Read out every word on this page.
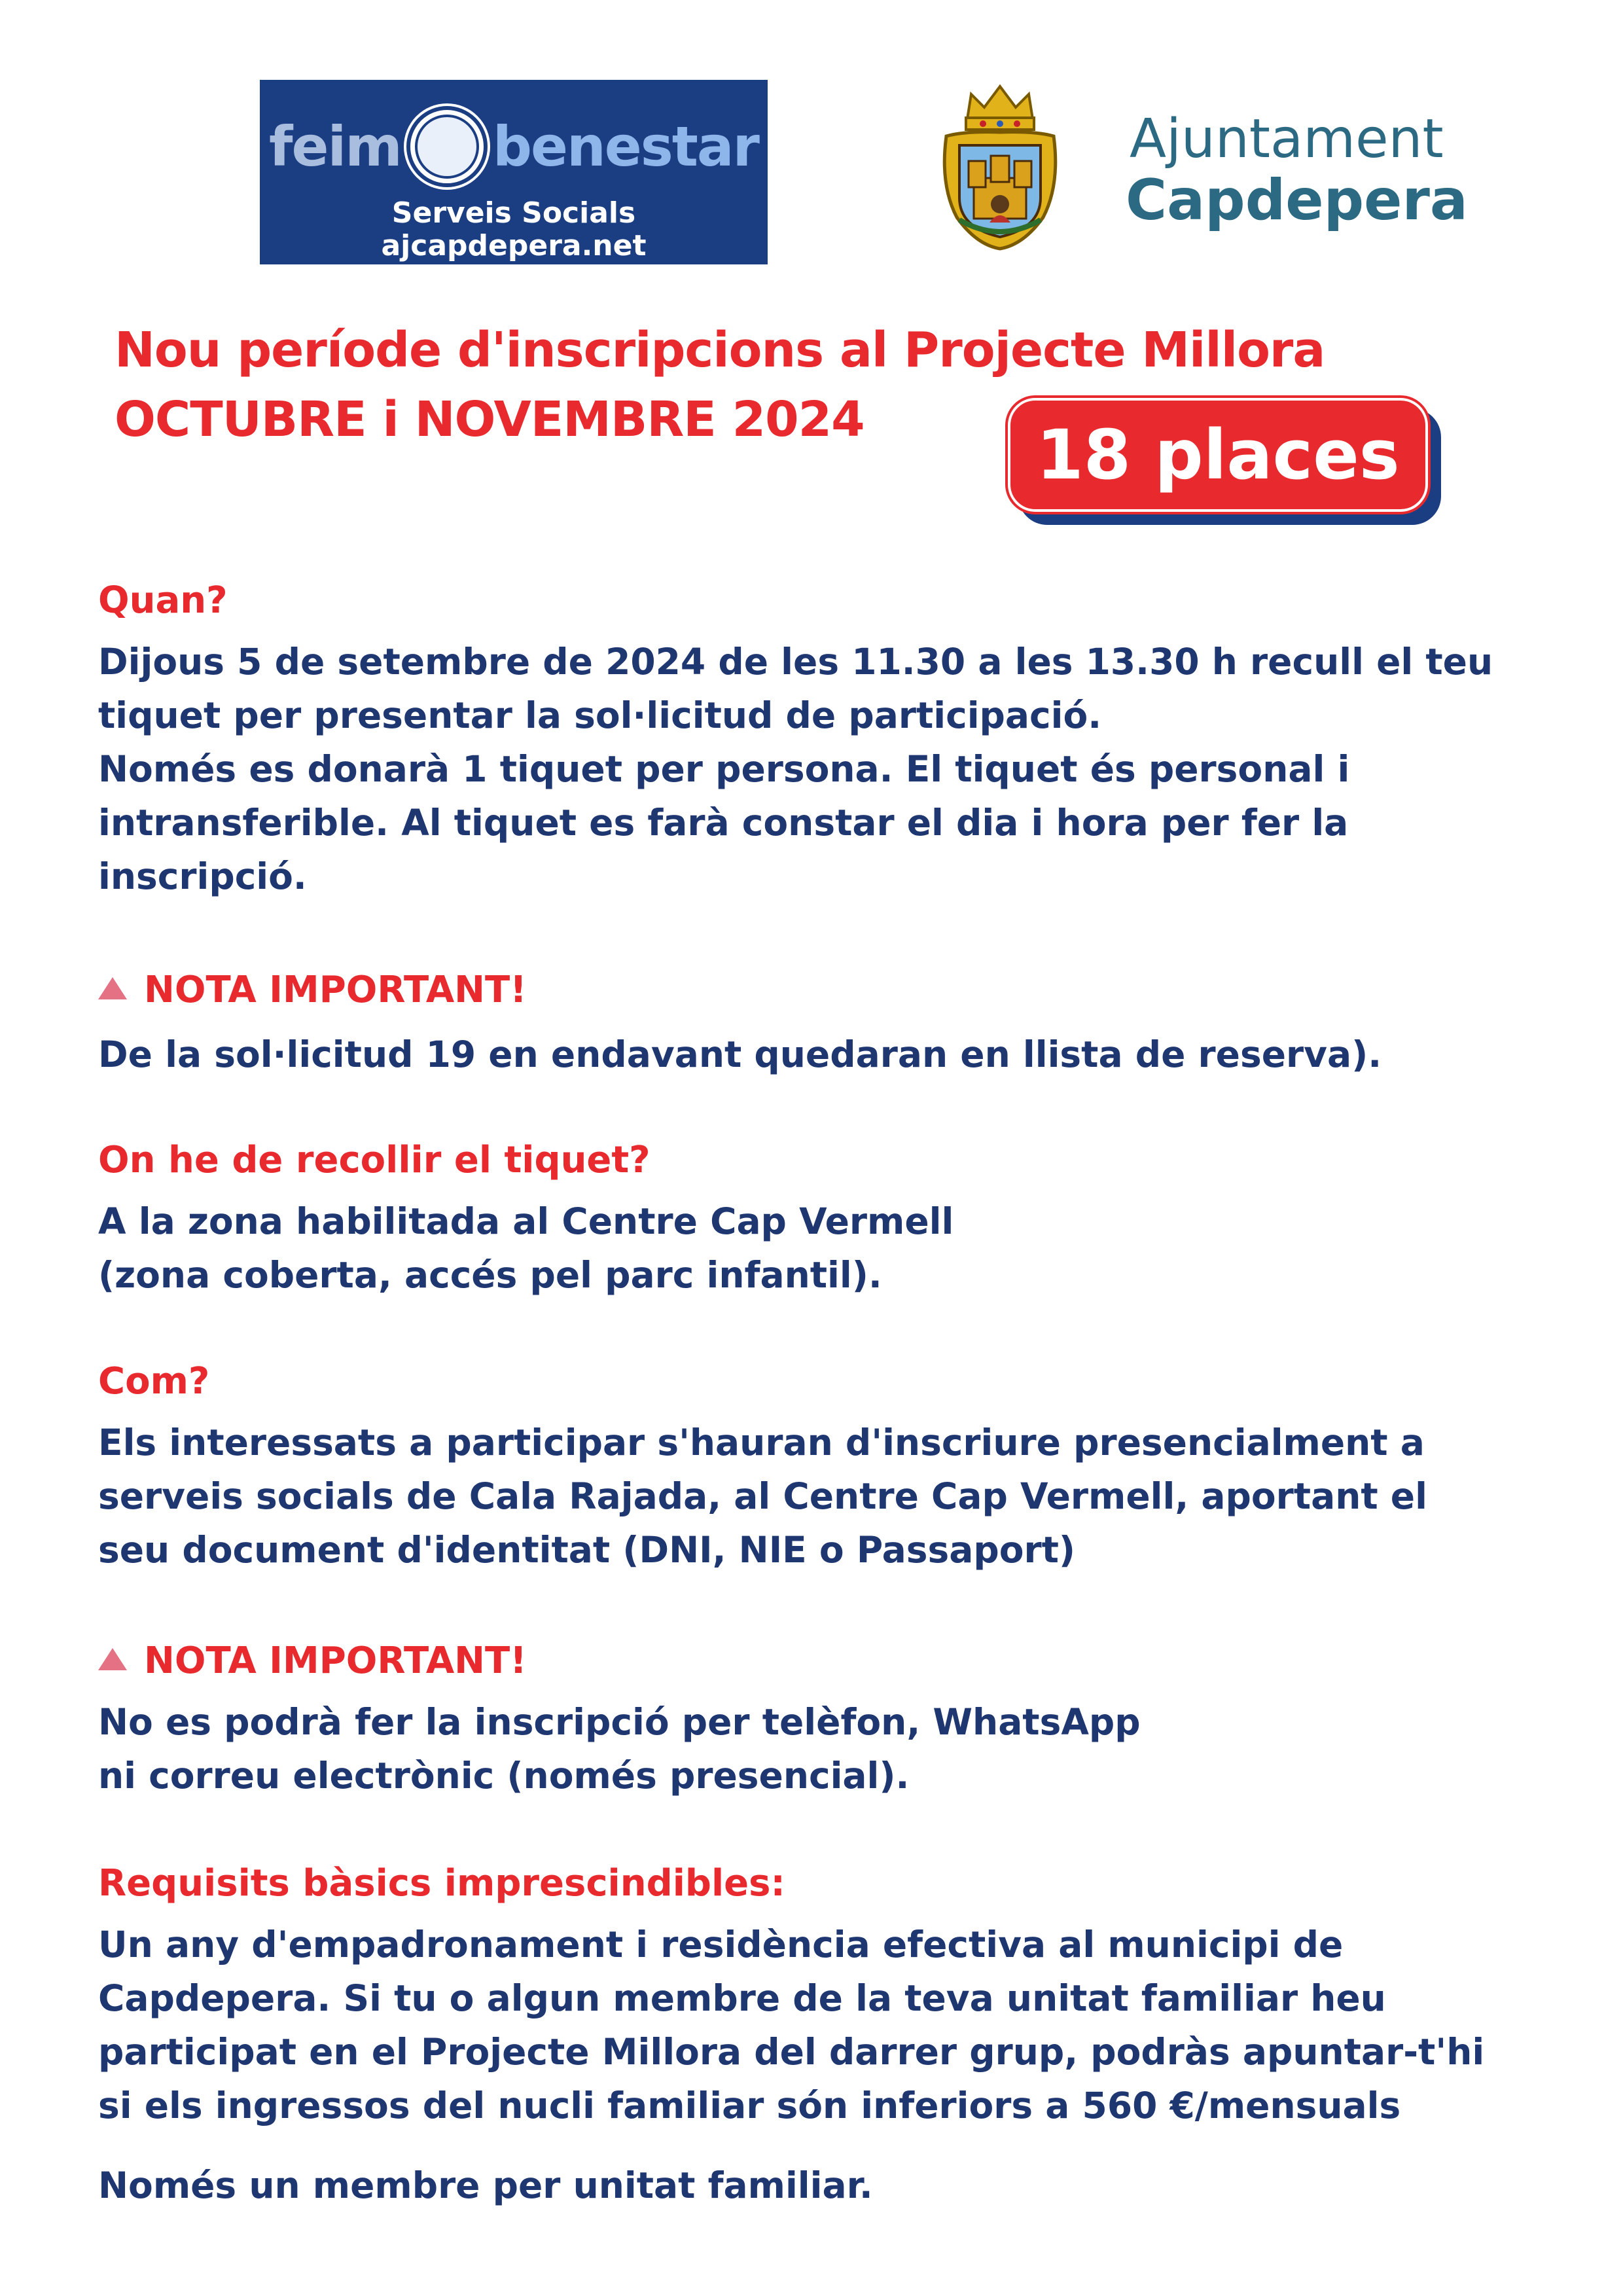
feim benestar
Serveis Socials
ajcapdepera.net
Ajuntament
Capdepera
Nou període d'inscripcions al Projecte Millora
OCTUBRE i NOVEMBRE 2024	18 places
Quan?
Dijous 5 de setembre de 2024 de les 11.30 a les 13.30 h recull el teu
tiquet per presentar la sol·licitud de participació.
Només es donarà 1 tiquet per persona. El tiquet és personal i
intransferible. Al tiquet es farà constar el dia i hora per fer la
inscripció.
NOTA IMPORTANT!
De la sol·licitud 19 en endavant quedaran en llista de reserva).
On he de recollir el tiquet?
A la zona habilitada al Centre Cap Vermell
(zona coberta, accés pel parc infantil).
Com?
Els interessats a participar s'hauran d'inscriure presencialment a
serveis socials de Cala Rajada, al Centre Cap Vermell, aportant el
seu document d'identitat (DNI, NIE o Passaport)
NOTA IMPORTANT!
No es podrà fer la inscripció per telèfon, WhatsApp
ni correu electrònic (només presencial).
Requisits bàsics imprescindibles:
Un any d'empadronament i residència efectiva al municipi de
Capdepera. Si tu o algun membre de la teva unitat familiar heu
participat en el Projecte Millora del darrer grup, podràs apuntar-t'hi
si els ingressos del nucli familiar són inferiors a 560 €/mensuals
Només un membre per unitat familiar.
